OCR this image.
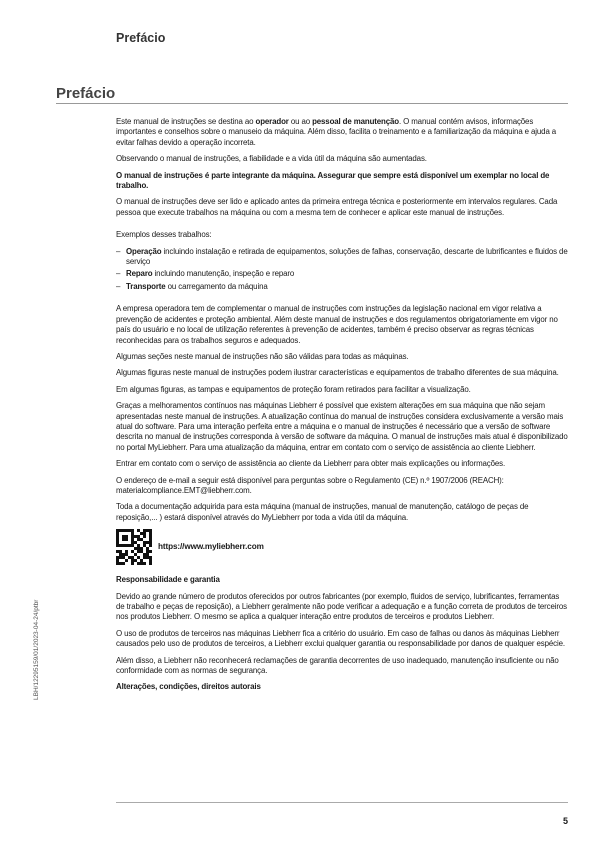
Prefácio
Prefácio

Este manual de instruções se destina ao operador ou ao pessoal de manutenção. O manual contém avisos, informações importantes e conselhos sobre o manuseio da máquina. Além disso, facilita o treinamento e a familiarização da máquina e ajuda a evitar falhas devido a operação incorreta.

Observando o manual de instruções, a fiabilidade e a vida útil da máquina são aumentadas.

O manual de instruções é parte integrante da máquina. Assegurar que sempre está disponível um exemplar no local de trabalho.

O manual de instruções deve ser lido e aplicado antes da primeira entrega técnica e posteriormente em intervalos regulares. Cada pessoa que execute trabalhos na máquina ou com a mesma tem de conhecer e aplicar este manual de instruções.

Exemplos desses trabalhos:

– Operação incluindo instalação e retirada de equipamentos, soluções de falhas, conservação, descarte de lubrificantes e fluidos de serviço
– Reparo incluindo manutenção, inspeção e reparo
– Transporte ou carregamento da máquina

A empresa operadora tem de complementar o manual de instruções com instruções da legislação nacional em vigor relativa a prevenção de acidentes e proteção ambiental. Além deste manual de instruções e dos regulamentos obrigatoriamente em vigor no país do usuário e no local de utilização referentes à prevenção de acidentes, também é preciso observar as regras técnicas reconhecidas para os trabalhos seguros e adequados.

Algumas seções neste manual de instruções não são válidas para todas as máquinas.

Algumas figuras neste manual de instruções podem ilustrar características e equipamentos de trabalho diferentes de sua máquina.

Em algumas figuras, as tampas e equipamentos de proteção foram retirados para facilitar a visualização.

Graças a melhoramentos contínuos nas máquinas Liebherr é possível que existem alterações em sua máquina que não sejam apresentadas neste manual de instruções. A atualização contínua do manual de instruções considera exclusivamente a versão mais atual do software. Para uma interação perfeita entre a máquina e o manual de instruções é necessário que a versão de software descrita no manual de instruções corresponda à versão de software da máquina. O manual de instruções mais atual é disponibilizado no portal MyLiebherr. Para uma atualização da máquina, entrar em contato com o serviço de assistência ao cliente Liebherr.

Entrar em contato com o serviço de assistência ao cliente da Liebherr para obter mais explicações ou informações.

O endereço de e-mail a seguir está disponível para perguntas sobre o Regulamento (CE) n.º 1907/2006 (REACH): materialcompliance.EMT@liebherr.com.

Toda a documentação adquirida para esta máquina (manual de instruções, manual de manutenção, catálogo de peças de reposição,... ) estará disponível através do MyLiebherr por toda a vida útil da máquina.

https://www.myliebherr.com

Responsabilidade e garantia

Devido ao grande número de produtos oferecidos por outros fabricantes (por exemplo, fluidos de serviço, lubrificantes, ferramentas de trabalho e peças de reposição), a Liebherr geralmente não pode verificar a adequação e a função correta de produtos de terceiros nos produtos Liebherr. O mesmo se aplica a qualquer interação entre produtos de terceiros e produtos Liebherr.

O uso de produtos de terceiros nas máquinas Liebherr fica a critério do usuário. Em caso de falhas ou danos às máquinas Liebherr causados pelo uso de produtos de terceiros, a Liebherr exclui qualquer garantia ou responsabilidade por danos de qualquer espécie.

Além disso, a Liebherr não reconhecerá reclamações de garantia decorrentes de uso inadequado, manutenção insuficiente ou não conformidade com as normas de segurança.

Alterações, condições, direitos autorais

LBH/12295159/01/2023-04-24/ptbr
5
